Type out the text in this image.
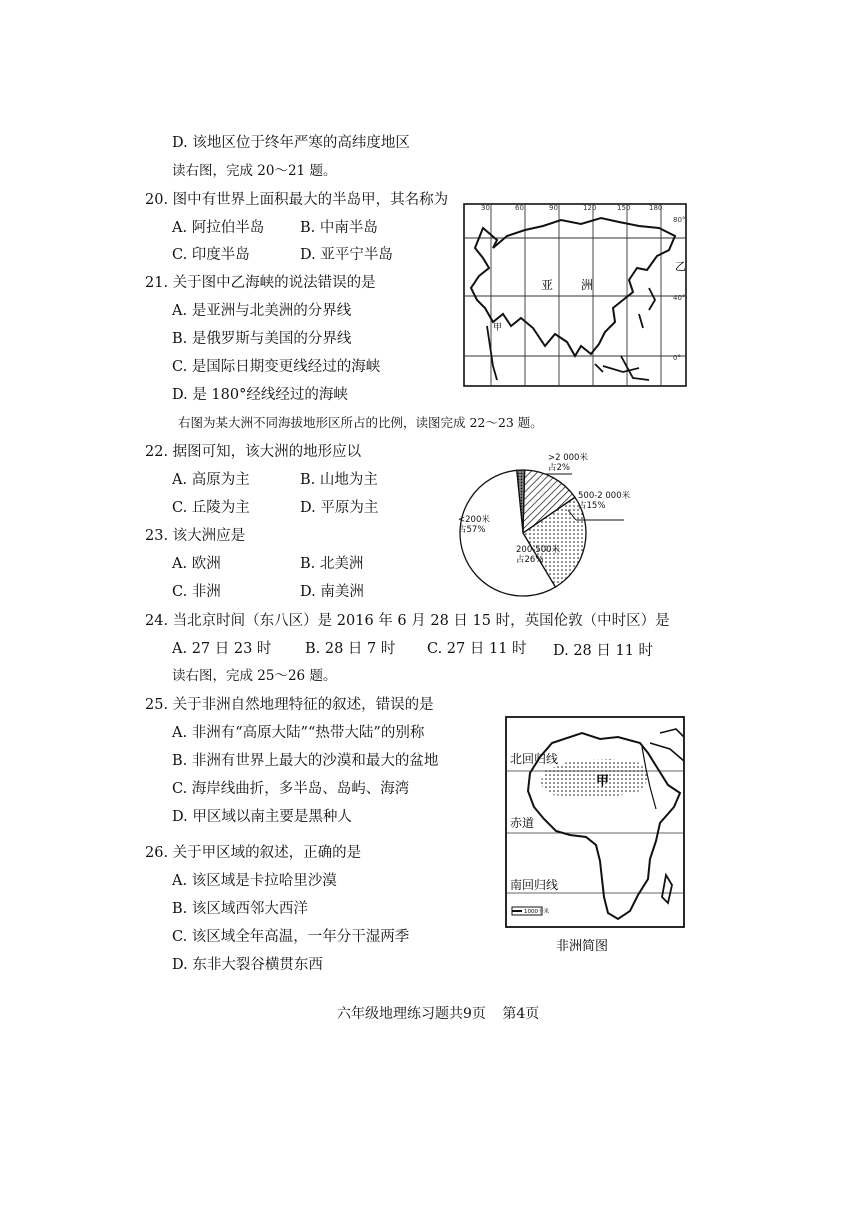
D. 该地区位于终年严寒的高纬度地区
读右图，完成 20～21 题。
20. 图中有世界上面积最大的半岛甲，其名称为
A. 阿拉伯半岛 B. 中南半岛
C. 印度半岛	D. 亚平宁半岛
21. 关于图中乙海峡的说法错误的是
A. 是亚洲与北美洲的分界线
B. 是俄罗斯与美国的分界线
C. 是国际日期变更线经过的海峡
D. 是 180°经线经过的海峡
右图为某大洲不同海拔地形区所占的比例，读图完成 22～23 题。
22. 据图可知，该大洲的地形应以
A. 高原为主	B. 山地为主
C. 丘陵为主	D. 平原为主
23. 该大洲应是
A. 欧洲	B. 北美洲
C. 非洲	D. 南美洲
24. 当北京时间（东八区）是 2016 年 6 月 28 日 15 时，英国伦敦（中时区）是
A. 27 日 23 时 B. 28 日 7 时 C. 27 日 11 时 D. 28 日 11 时
读右图，完成 25～26 题。
25. 关于非洲自然地理特征的叙述，错误的是
A. 非洲有“高原大陆”“热带大陆”的别称
B. 非洲有世界上最大的沙漠和最大的盆地
C. 海岸线曲折，多半岛、岛屿、海湾
D. 甲区域以南主要是黑种人
26. 关于甲区域的叙述，正确的是
A. 该区域是卡拉哈里沙漠
B. 该区域西邻大西洋
C. 该区域全年高温，一年分干湿两季
D. 东非大裂谷横贯东西
30	60	90	120	150	180
80°
40°
0°
亚 洲
甲
乙
>2 000米
占2%
500-2 000米
占15%
200-500米
占26%
<200米
占57%
北回归线
甲
赤道
南回归线
1000千米
非洲简图
六年级地理练习题共9页 第4页
